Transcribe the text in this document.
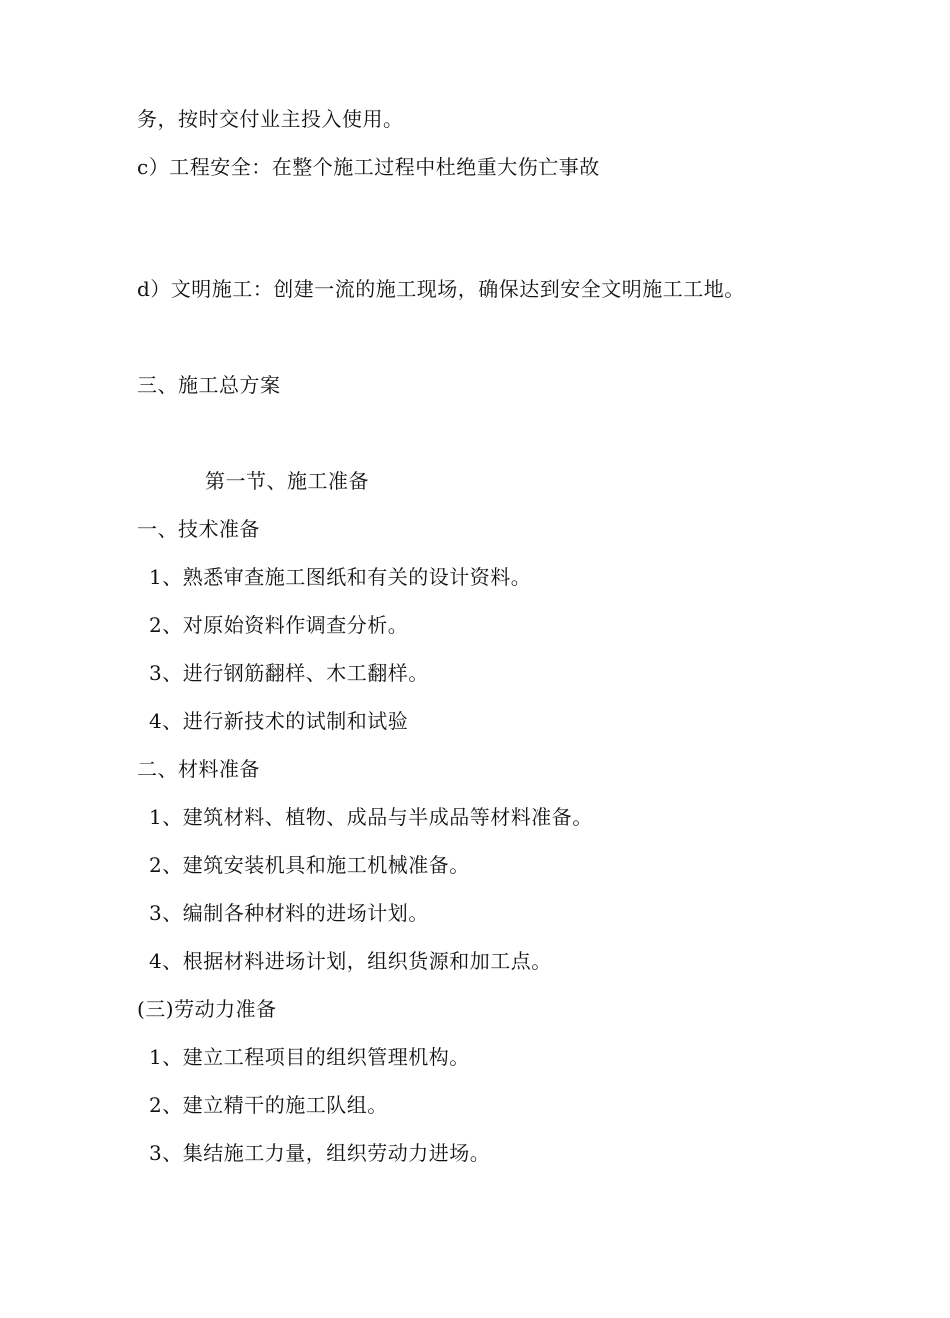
务，按时交付业主投入使用。
c）工程安全：在整个施工过程中杜绝重大伤亡事故
d）文明施工：创建一流的施工现场，确保达到安全文明施工工地。
三、施工总方案
第一节、施工准备
一、技术准备
1、熟悉审查施工图纸和有关的设计资料。
2、对原始资料作调查分析。
3、进行钢筋翻样、木工翻样。
4、进行新技术的试制和试验
二、材料准备
1、建筑材料、植物、成品与半成品等材料准备。
2、建筑安装机具和施工机械准备。
3、编制各种材料的进场计划。
4、根据材料进场计划，组织货源和加工点。
(三)劳动力准备
1、建立工程项目的组织管理机构。
2、建立精干的施工队组。
3、集结施工力量，组织劳动力进场。
